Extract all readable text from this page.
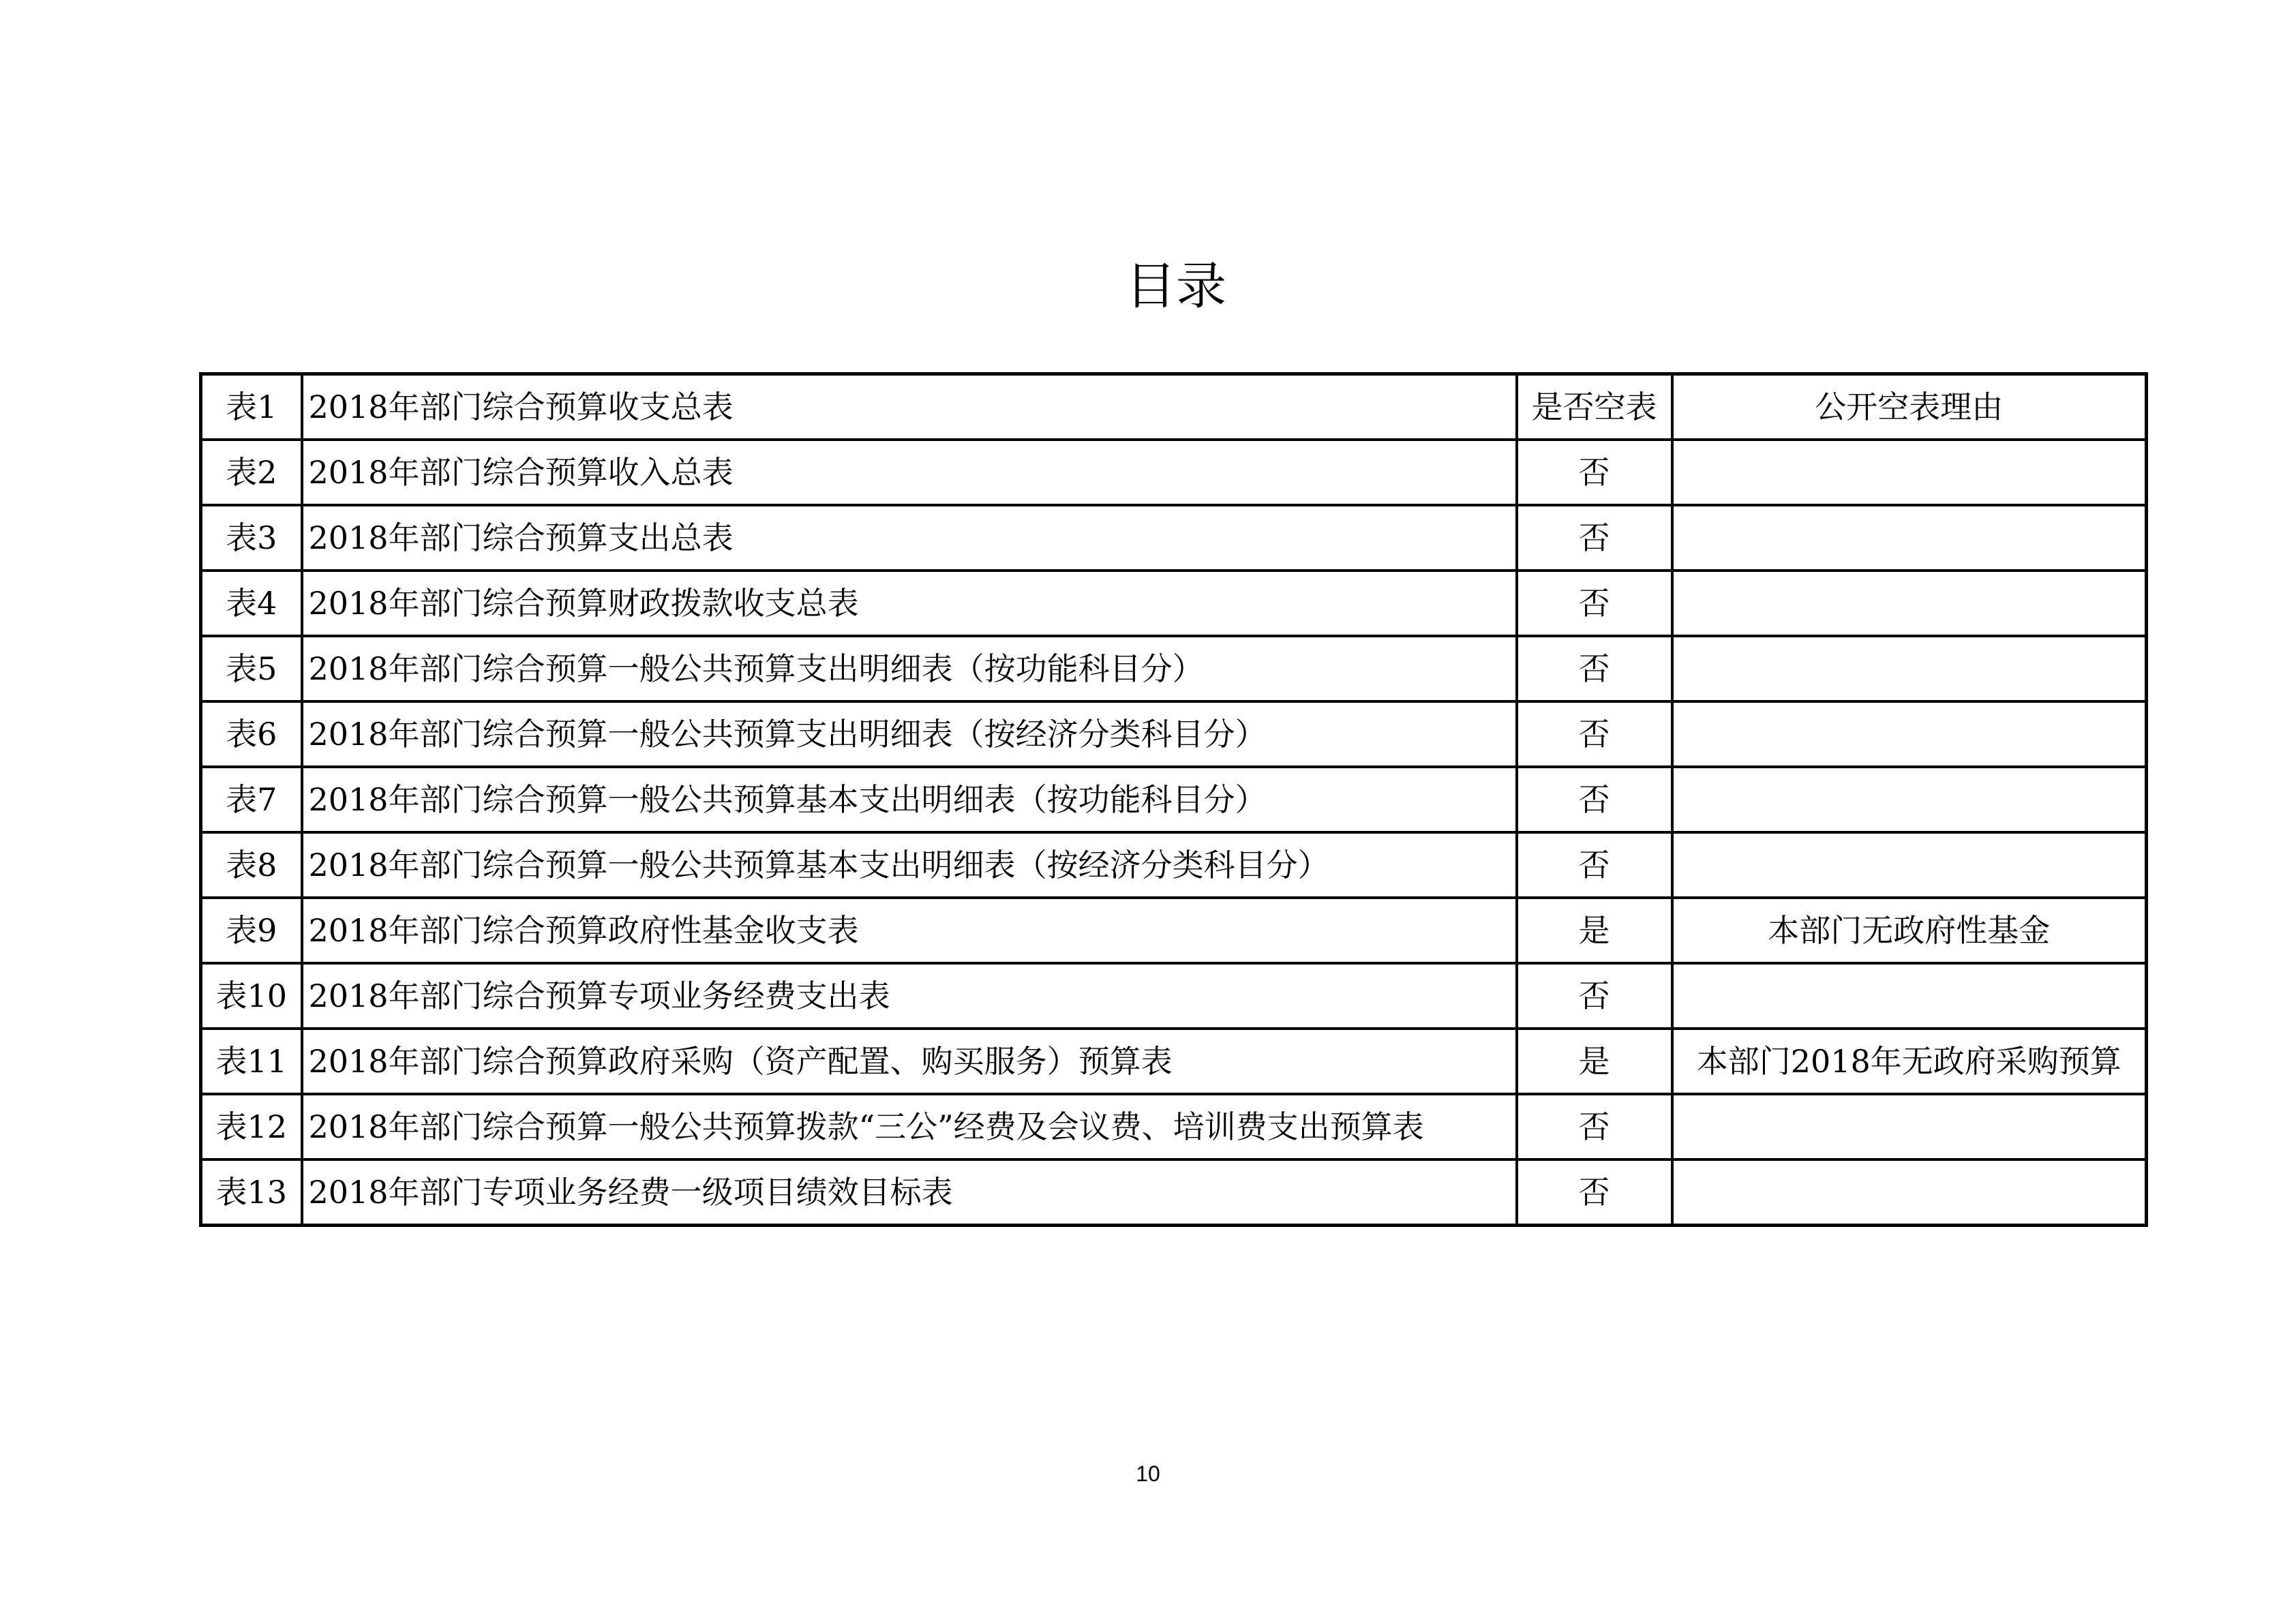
目录
表1	2018年部门综合预算收支总表	是否空表	公开空表理由
表2	2018年部门综合预算收入总表	否	
表3	2018年部门综合预算支出总表	否	
表4	2018年部门综合预算财政拨款收支总表	否	
表5	2018年部门综合预算一般公共预算支出明细表（按功能科目分）	否	
表6	2018年部门综合预算一般公共预算支出明细表（按经济分类科目分）	否	
表7	2018年部门综合预算一般公共预算基本支出明细表（按功能科目分）	否	
表8	2018年部门综合预算一般公共预算基本支出明细表（按经济分类科目分）	否	
表9	2018年部门综合预算政府性基金收支表	是	本部门无政府性基金
表10	2018年部门综合预算专项业务经费支出表	否	
表11	2018年部门综合预算政府采购（资产配置、购买服务）预算表	是	本部门2018年无政府采购预算
表12	2018年部门综合预算一般公共预算拨款“三公”经费及会议费、培训费支出预算表	否	
表13	2018年部门专项业务经费一级项目绩效目标表	否	
10
